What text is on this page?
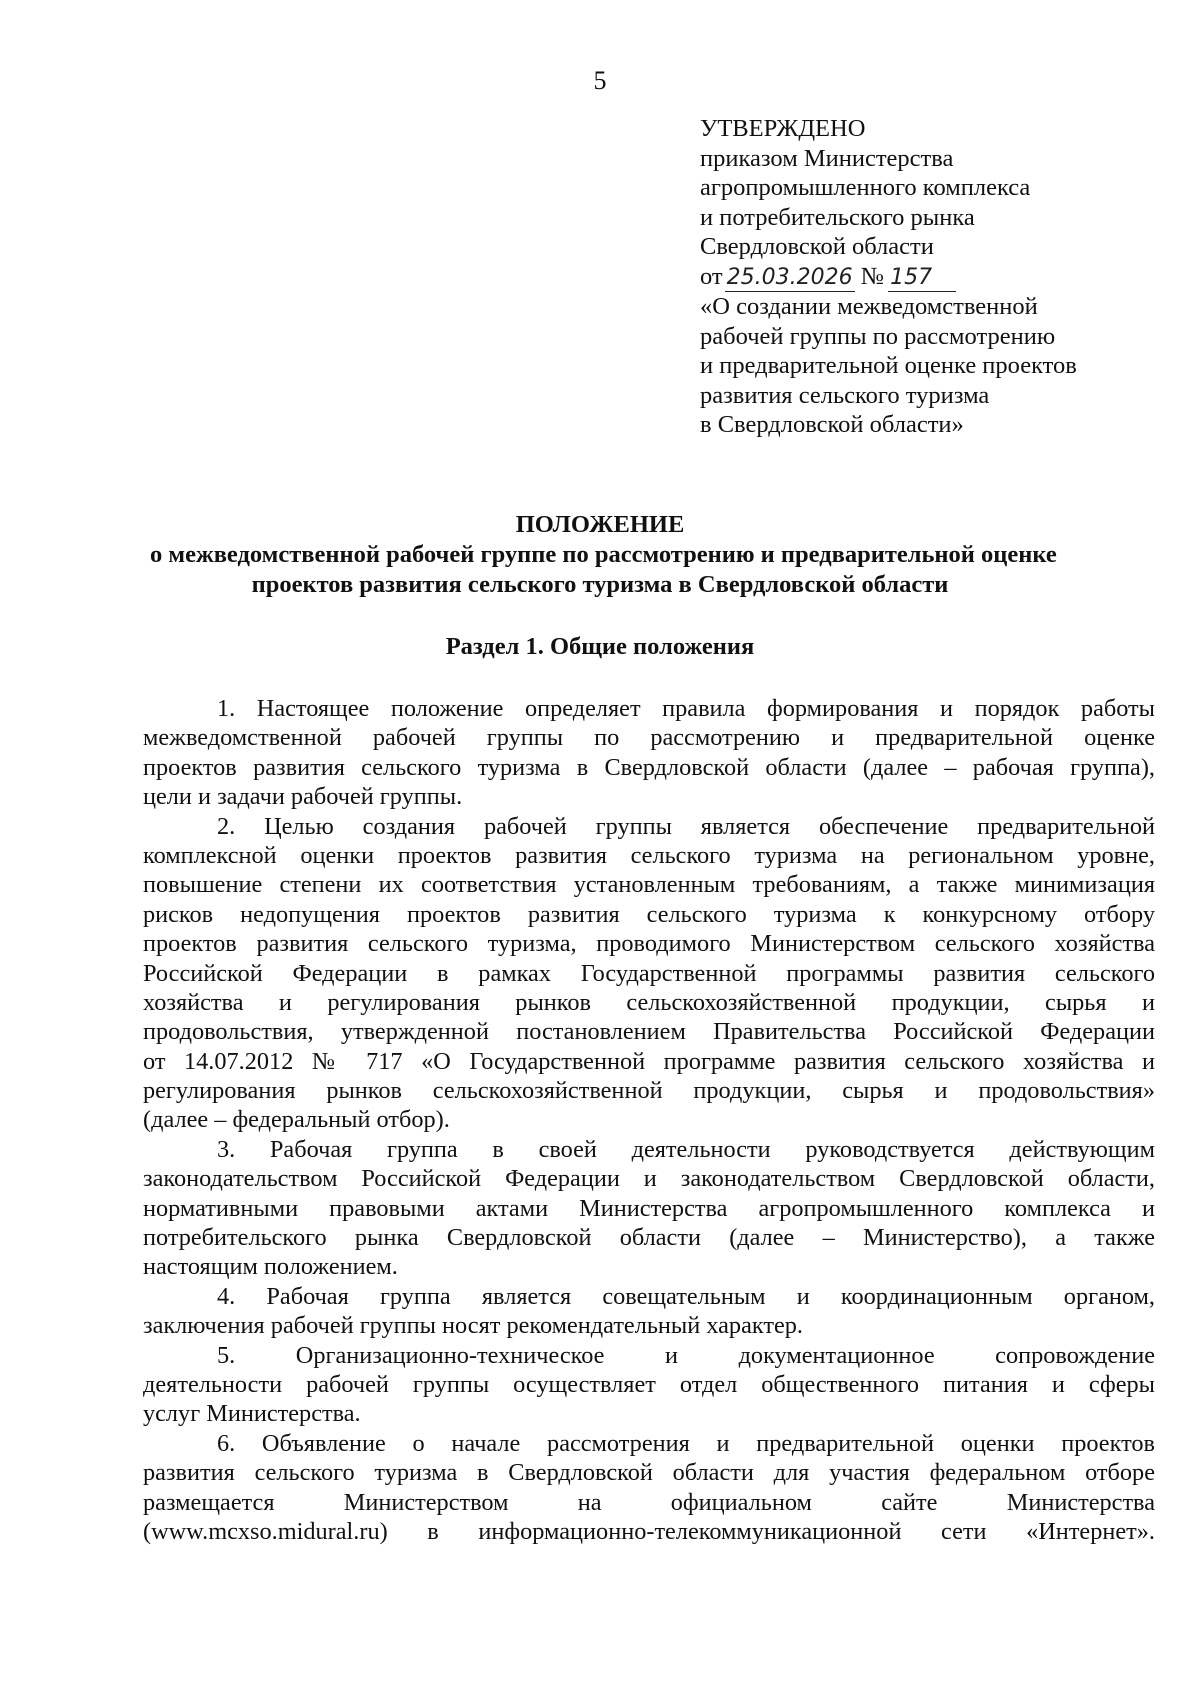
5
УТВЕРЖДЕНО
приказом Министерства
агропромышленного комплекса
и потребительского рынка
Свердловской области
от 25.03.2026 № 157
«О создании межведомственной
рабочей группы по рассмотрению
и предварительной оценке проектов
развития сельского туризма
в Свердловской области»
ПОЛОЖЕНИЕ
о межведомственной рабочей группе по рассмотрению и предварительной оценке
проектов развития сельского туризма в Свердловской области
Раздел 1. Общие положения
1. Настоящее положение определяет правила формирования и порядок работы
межведомственной рабочей группы по рассмотрению и предварительной оценке
проектов развития сельского туризма в Свердловской области (далее – рабочая группа),
цели и задачи рабочей группы.
2. Целью создания рабочей группы является обеспечение предварительной
комплексной оценки проектов развития сельского туризма на региональном уровне,
повышение степени их соответствия установленным требованиям, а также минимизация
рисков недопущения проектов развития сельского туризма к конкурсному отбору
проектов развития сельского туризма, проводимого Министерством сельского хозяйства
Российской Федерации в рамках Государственной программы развития сельского
хозяйства и регулирования рынков сельскохозяйственной продукции, сырья и
продовольствия, утвержденной постановлением Правительства Российской Федерации
от 14.07.2012 № 717 «О Государственной программе развития сельского хозяйства и
регулирования рынков сельскохозяйственной продукции, сырья и продовольствия»
(далее – федеральный отбор).
3. Рабочая группа в своей деятельности руководствуется действующим
законодательством Российской Федерации и законодательством Свердловской области,
нормативными правовыми актами Министерства агропромышленного комплекса и
потребительского рынка Свердловской области (далее – Министерство), а также
настоящим положением.
4. Рабочая группа является совещательным и координационным органом,
заключения рабочей группы носят рекомендательный характер.
5. Организационно-техническое и документационное сопровождение
деятельности рабочей группы осуществляет отдел общественного питания и сферы
услуг Министерства.
6. Объявление о начале рассмотрения и предварительной оценки проектов
развития сельского туризма в Свердловской области для участия федеральном отборе
размещается Министерством на официальном сайте Министерства
(www.mcxso.midural.ru) в информационно-телекоммуникационной сети «Интернет».
